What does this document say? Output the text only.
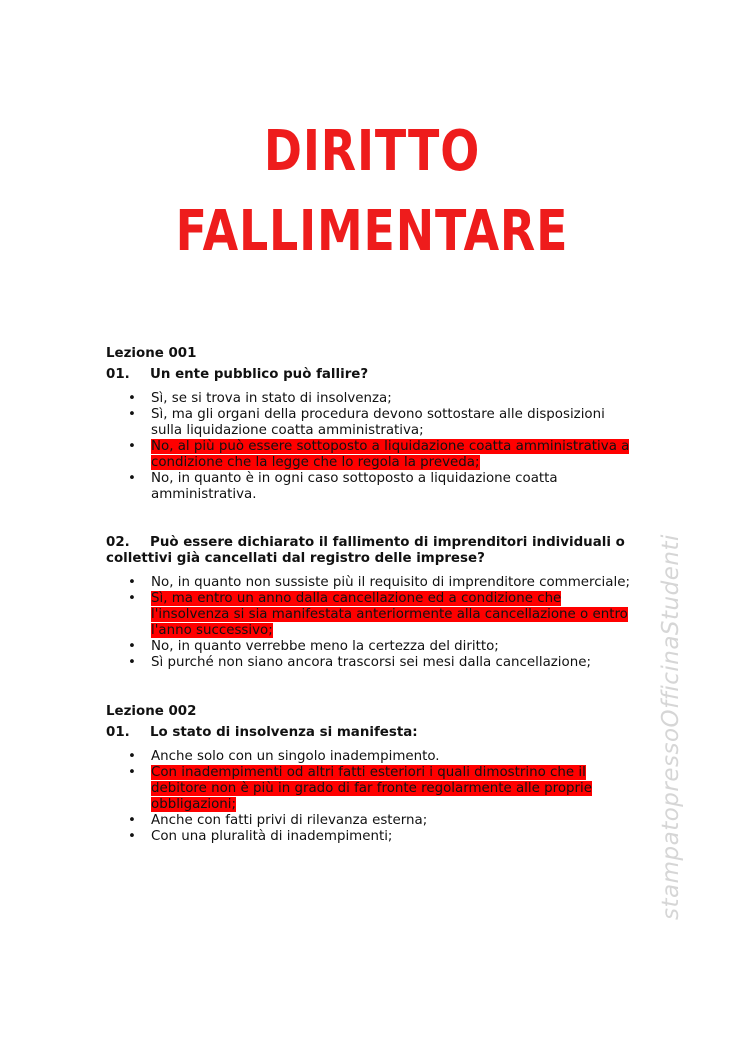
DIRITTO
FALLIMENTARE
Lezione 001
01. Un ente pubblico può fallire?
• Sì, se si trova in stato di insolvenza;
• Sì, ma gli organi della procedura devono sottostare alle disposizioni sulla liquidazione coatta amministrativa;
• No, al più può essere sottoposto a liquidazione coatta amministrativa a condizione che la legge che lo regola la preveda;
• No, in quanto è in ogni caso sottoposto a liquidazione coatta amministrativa.
02. Può essere dichiarato il fallimento di imprenditori individuali o collettivi già cancellati dal registro delle imprese?
• No, in quanto non sussiste più il requisito di imprenditore commerciale;
• Sì, ma entro un anno dalla cancellazione ed a condizione che l'insolvenza si sia manifestata anteriormente alla cancellazione o entro l'anno successivo;
• No, in quanto verrebbe meno la certezza del diritto;
• Sì purché non siano ancora trascorsi sei mesi dalla cancellazione;
Lezione 002
01. Lo stato di insolvenza si manifesta:
• Anche solo con un singolo inadempimento.
• Con inadempimenti od altri fatti esteriori i quali dimostrino che il debitore non è più in grado di far fronte regolarmente alle proprie obbligazioni;
• Anche con fatti privi di rilevanza esterna;
• Con una pluralità di inadempimenti;	stampatopressoOfficinaStudenti
